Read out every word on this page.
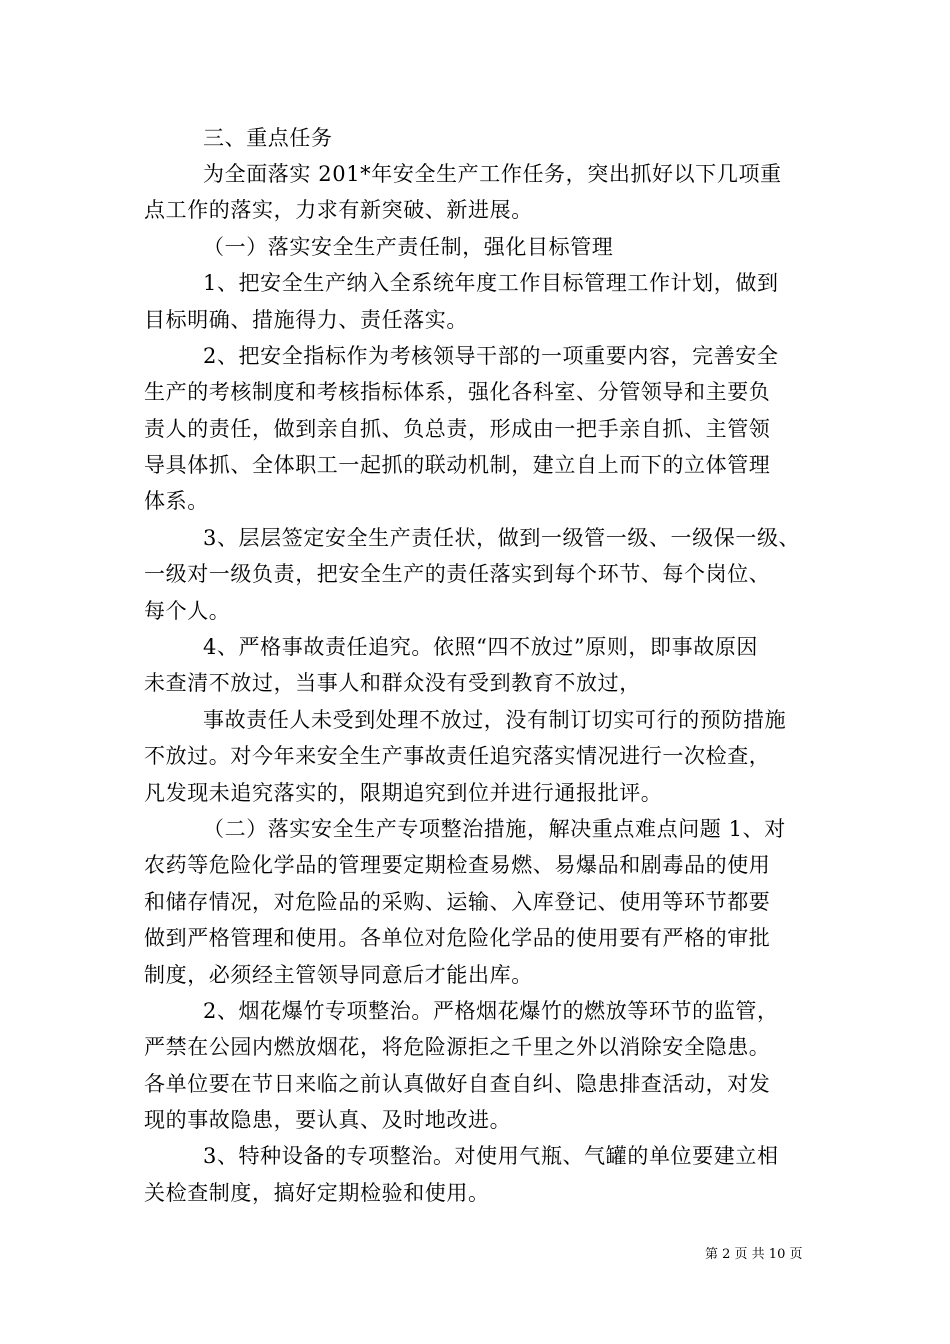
三、重点任务
为全面落实 201*年安全生产工作任务，突出抓好以下几项重
点工作的落实，力求有新突破、新进展。
（一）落实安全生产责任制，强化目标管理
1、把安全生产纳入全系统年度工作目标管理工作计划，做到
目标明确、措施得力、责任落实。
2、把安全指标作为考核领导干部的一项重要内容，完善安全
生产的考核制度和考核指标体系，强化各科室、分管领导和主要负
责人的责任，做到亲自抓、负总责，形成由一把手亲自抓、主管领
导具体抓、全体职工一起抓的联动机制，建立自上而下的立体管理
体系。
3、层层签定安全生产责任状，做到一级管一级、一级保一级、
一级对一级负责，把安全生产的责任落实到每个环节、每个岗位、
每个人。
4、严格事故责任追究。依照“四不放过”原则，即事故原因
未查清不放过，当事人和群众没有受到教育不放过，
事故责任人未受到处理不放过，没有制订切实可行的预防措施
不放过。对今年来安全生产事故责任追究落实情况进行一次检查，
凡发现未追究落实的，限期追究到位并进行通报批评。
（二）落实安全生产专项整治措施，解决重点难点问题 1、对
农药等危险化学品的管理要定期检查易燃、易爆品和剧毒品的使用
和储存情况，对危险品的采购、运输、入库登记、使用等环节都要
做到严格管理和使用。各单位对危险化学品的使用要有严格的审批
制度，必须经主管领导同意后才能出库。
2、烟花爆竹专项整治。严格烟花爆竹的燃放等环节的监管，
严禁在公园内燃放烟花，将危险源拒之千里之外以消除安全隐患。
各单位要在节日来临之前认真做好自查自纠、隐患排查活动，对发
现的事故隐患，要认真、及时地改进。
3、特种设备的专项整治。对使用气瓶、气罐的单位要建立相
关检查制度，搞好定期检验和使用。
第 2 页 共 10 页
